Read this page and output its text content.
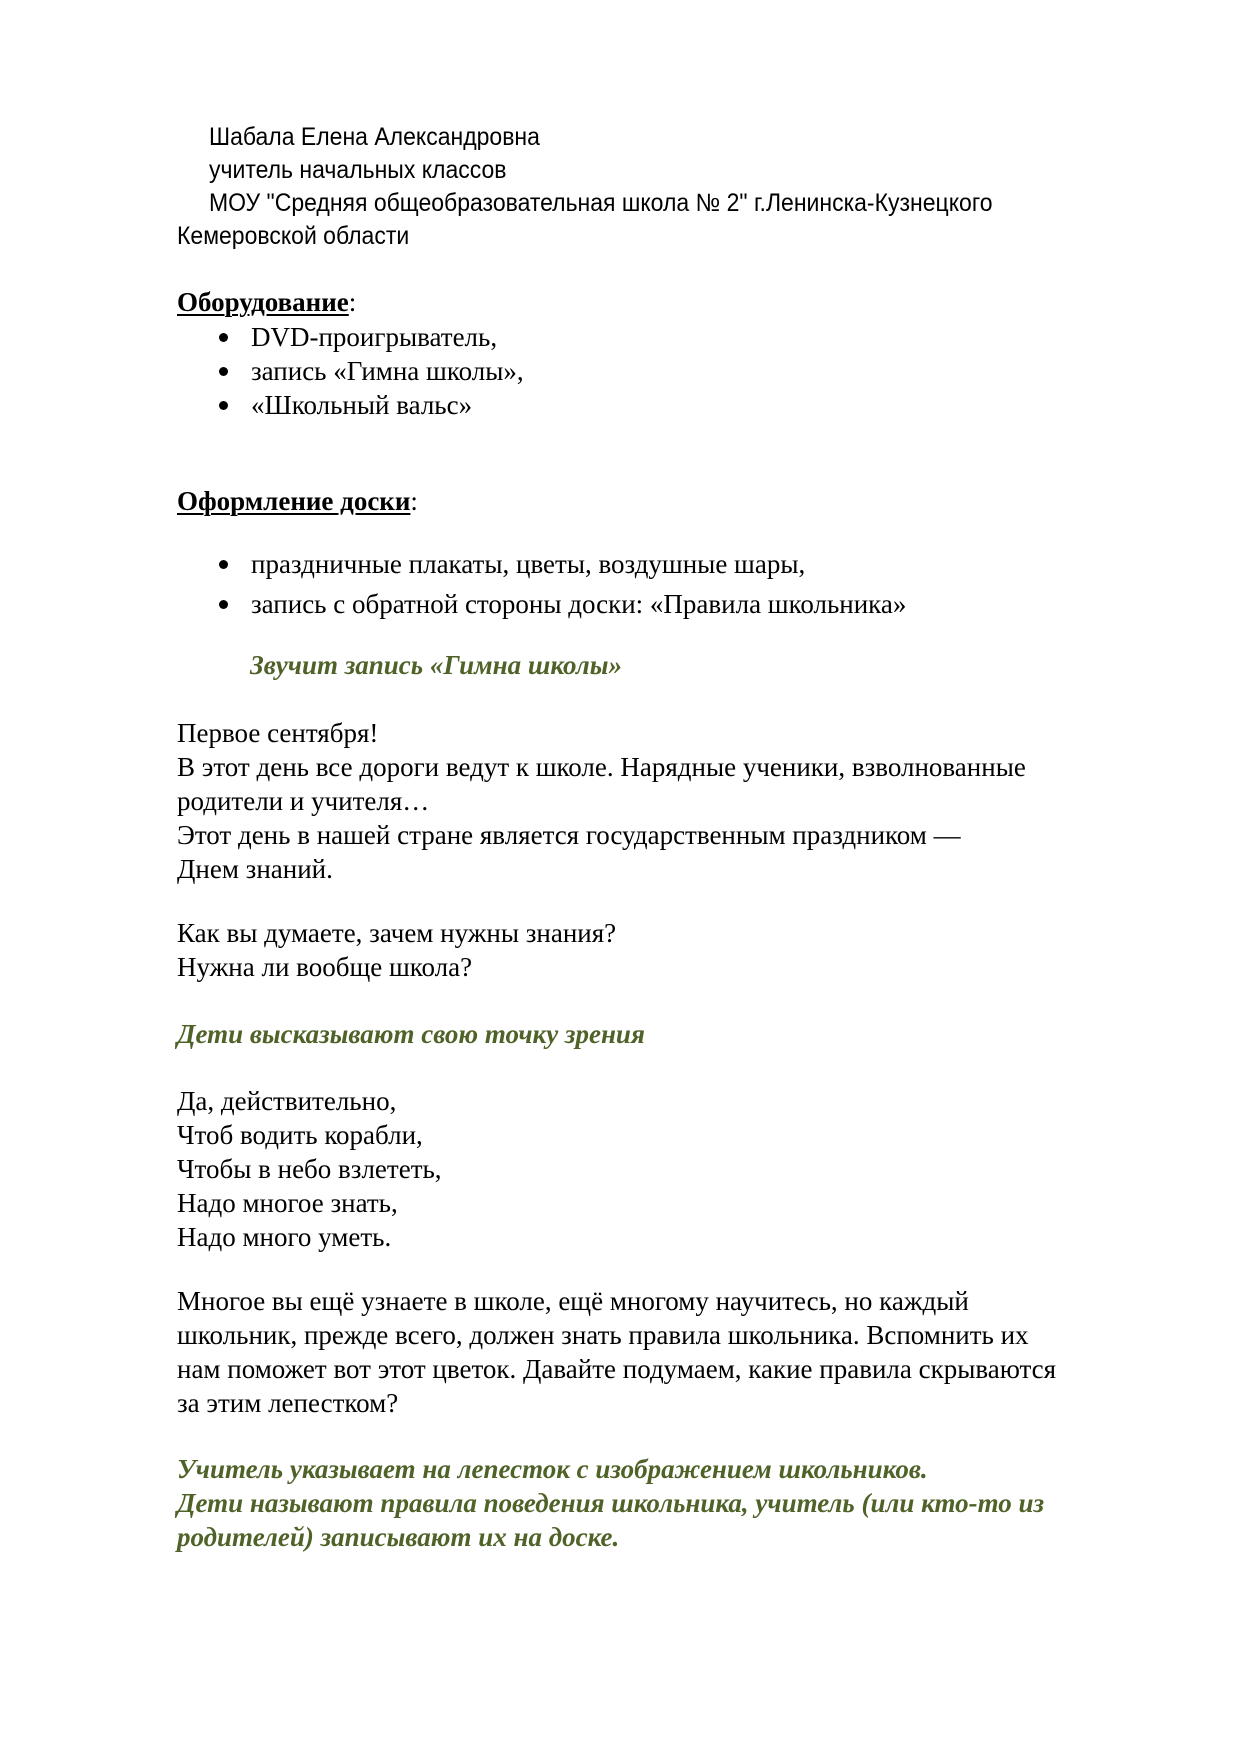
Шабала Елена Александровна
учитель начальных классов
МОУ "Средняя общеобразовательная школа № 2" г.Ленинска-Кузнецкого
Кемеровской области
Оборудование:
DVD-проигрыватель,
запись «Гимна школы»,
«Школьный вальс»
Оформление доски:
праздничные плакаты, цветы, воздушные шары,
запись с обратной стороны доски: «Правила школьника»
Звучит запись «Гимна школы»
Первое сентября!
В этот день все дороги ведут к школе. Нарядные ученики, взволнованные
родители и учителя…
Этот день в нашей стране является государственным праздником —
Днем знаний.
Как вы думаете, зачем нужны знания?
Нужна ли вообще школа?
Дети высказывают свою точку зрения
Да, действительно,
Чтоб водить корабли,
Чтобы в небо взлететь,
Надо многое знать,
Надо много уметь.
Многое вы ещё узнаете в школе, ещё многому научитесь, но каждый
школьник, прежде всего, должен знать правила школьника. Вспомнить их
нам поможет вот этот цветок. Давайте подумаем, какие правила скрываются
за этим лепестком?
Учитель указывает на лепесток с изображением школьников.
Дети называют правила поведения школьника, учитель (или кто-то из
родителей) записывают их на доске.
